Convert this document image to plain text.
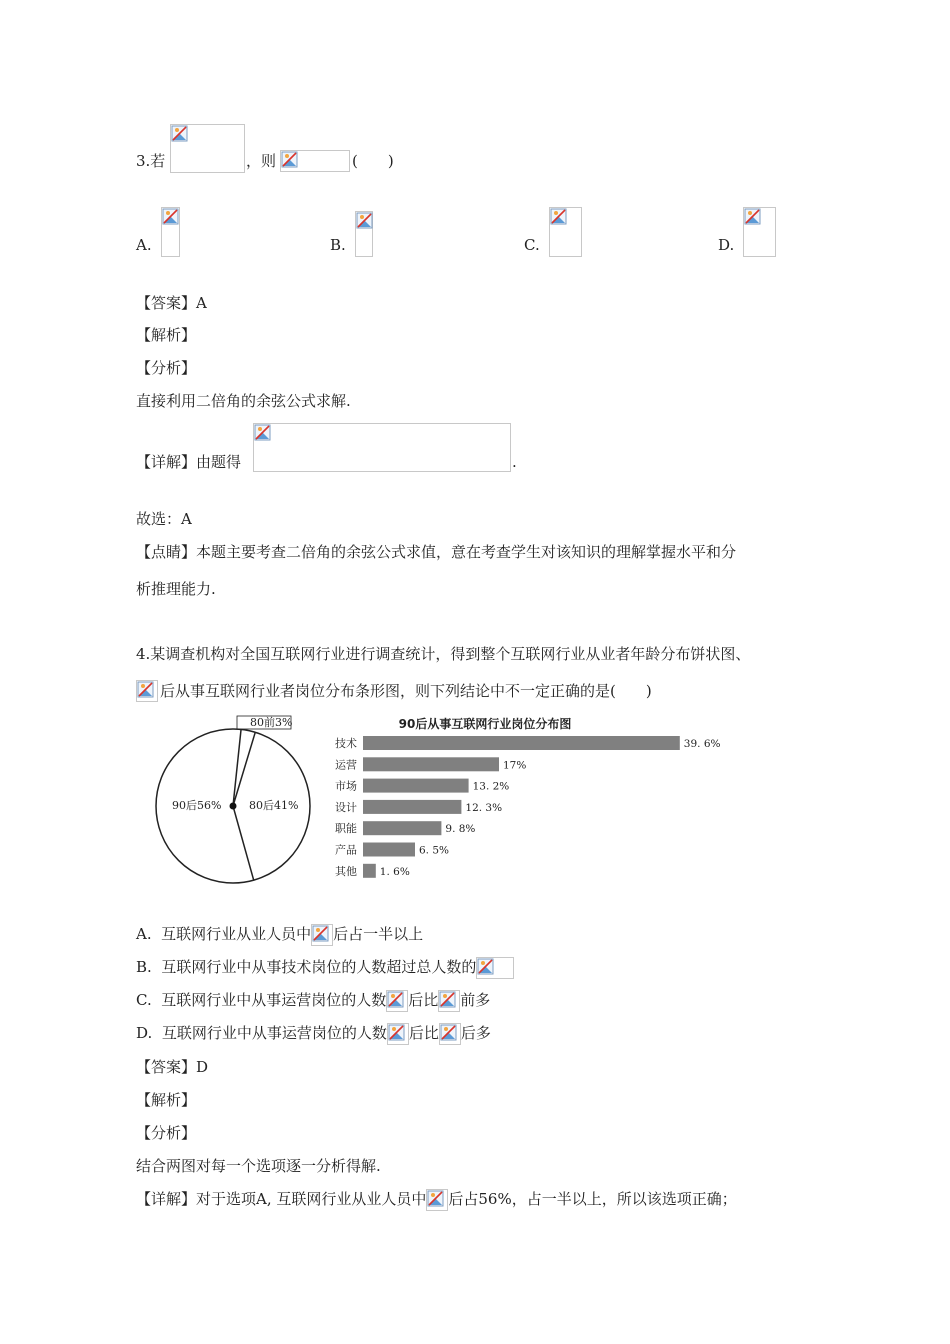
3.若	，则	(　　)
A.	B.	C.	D.
【答案】A
【解析】
【分析】
直接利用二倍角的余弦公式求解.
【详解】由题得	.
故选：A
【点睛】本题主要考查二倍角的余弦公式求值，意在考查学生对该知识的理解掌握水平和分
析推理能力.
4.某调查机构对全国互联网行业进行调查统计，得到整个互联网行业从业者年龄分布饼状图、
后从事互联网行业者岗位分布条形图，则下列结论中不一定正确的是(　　)
80前3%
80后41%
90后56%
90后从事互联网行业岗位分布图
技术	39. 6%
运营	17%
市场	13. 2%
设计	12. 3%
职能	9. 8%
产品	6. 5%
其他 1. 6%
A. 互联网行业从业人员中 后占一半以上
B. 互联网行业中从事技术岗位的人数超过总人数的
C. 互联网行业中从事运营岗位的人数 后比 前多
D. 互联网行业中从事运营岗位的人数 后比 后多
【答案】D
【解析】
【分析】
结合两图对每一个选项逐一分析得解.
【详解】对于选项A, 互联网行业从业人员中 后占56%，占一半以上，所以该选项正确；
